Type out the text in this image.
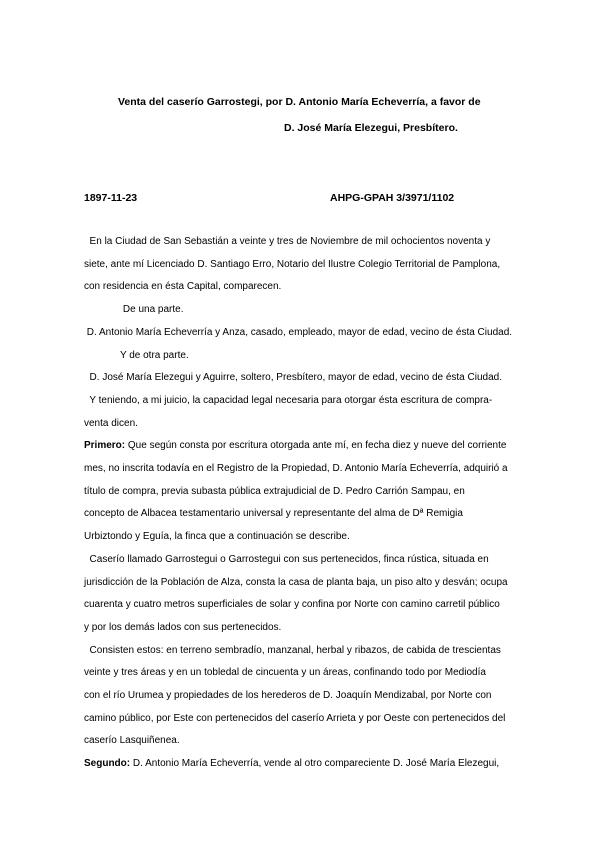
Venta del caserío Garrostegi, por D. Antonio María Echeverría, a favor de
D. José María Elezegui, Presbítero.
1897-11-23	AHPG-GPAH 3/3971/1102
En la Ciudad de San Sebastián a veinte y tres de Noviembre de mil ochocientos noventa y
siete, ante mí Licenciado D. Santiago Erro, Notario del Ilustre Colegio Territorial de Pamplona,
con residencia en ésta Capital, comparecen.
De una parte.
D. Antonio María Echeverría y Anza, casado, empleado, mayor de edad, vecino de ésta Ciudad.
Y de otra parte.
D. José María Elezegui y Aguirre, soltero, Presbítero, mayor de edad, vecino de ésta Ciudad.
Y teniendo, a mi juicio, la capacidad legal necesaria para otorgar ésta escritura de compra-
venta dicen.
Primero: Que según consta por escritura otorgada ante mí, en fecha diez y nueve del corriente
mes, no inscrita todavía en el Registro de la Propiedad, D. Antonio María Echeverría, adquirió a
título de compra, previa subasta pública extrajudicial de D. Pedro Carrión Sampau, en
concepto de Albacea testamentario universal y representante del alma de Dª Remigia
Urbiztondo y Eguía, la finca que a continuación se describe.
Caserío llamado Garrostegui o Garrostegui con sus pertenecidos, finca rústica, situada en
jurisdicción de la Población de Alza, consta la casa de planta baja, un piso alto y desván; ocupa
cuarenta y cuatro metros superficiales de solar y confina por Norte con camino carretil público
y por los demás lados con sus pertenecidos.
Consisten estos: en terreno sembradío, manzanal, herbal y ribazos, de cabida de trescientas
veinte y tres áreas y en un tobledal de cincuenta y un áreas, confinando todo por Mediodía
con el río Urumea y propiedades de los herederos de D. Joaquín Mendizabal, por Norte con
camino público, por Este con pertenecidos del caserío Arrieta y por Oeste con pertenecidos del
caserío Lasquiñenea.
Segundo: D. Antonio María Echeverría, vende al otro compareciente D. José María Elezegui,
